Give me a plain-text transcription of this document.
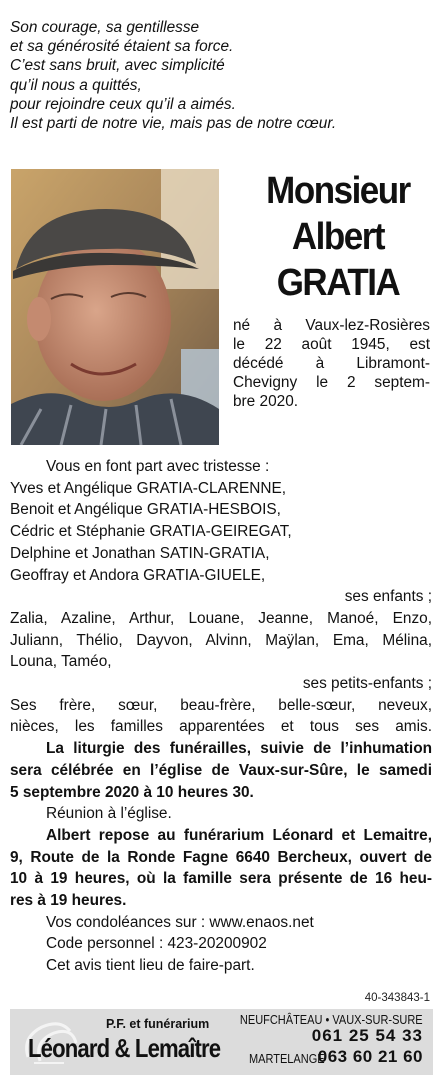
Son courage, sa gentillesse
et sa générosité étaient sa force.
C’est sans bruit, avec simplicité
qu’il nous a quittés,
pour rejoindre ceux qu’il a aimés.
Il est parti de notre vie, mais pas de notre cœur.
Monsieur
Albert
GRATIA
né à Vaux-lez-Rosières
le 22 août 1945, est
décédé à Libramont-
Chevigny le 2 septem-
bre 2020.
Vous en font part avec tristesse :
Yves et Angélique GRATIA-CLARENNE,
Benoit et Angélique GRATIA-HESBOIS,
Cédric et Stéphanie GRATIA-GEIREGAT,
Delphine et Jonathan SATIN-GRATIA,
Geoffray et Andora GRATIA-GIUELE,
ses enfants ;
Zalia, Azaline, Arthur, Louane, Jeanne, Manoé, Enzo,
Juliann, Thélio, Dayvon, Alvinn, Maÿlan, Ema, Mélina,
Louna, Taméo,
ses petits-enfants ;
Ses frère, sœur, beau-frère, belle-sœur, neveux,
nièces, les familles apparentées et tous ses amis.
La liturgie des funérailles, suivie de l’inhumation
sera célébrée en l’église de Vaux-sur-Sûre, le samedi
5 septembre 2020 à 10 heures 30.
Réunion à l’église.
Albert repose au funérarium Léonard et Lemaitre,
9, Route de la Ronde Fagne 6640 Bercheux, ouvert de
10 à 19 heures, où la famille sera présente de 16 heu-
res à 19 heures.
Vos condoléances sur : www.enaos.net
Code personnel : 423-20200902
Cet avis tient lieu de faire-part.
40-343843-1
P.F. et funérarium
Léonard & Lemaître
NEUFCHÂTEAU • VAUX-SUR-SURE
061 25 54 33
MARTELANGE
063 60 21 60
